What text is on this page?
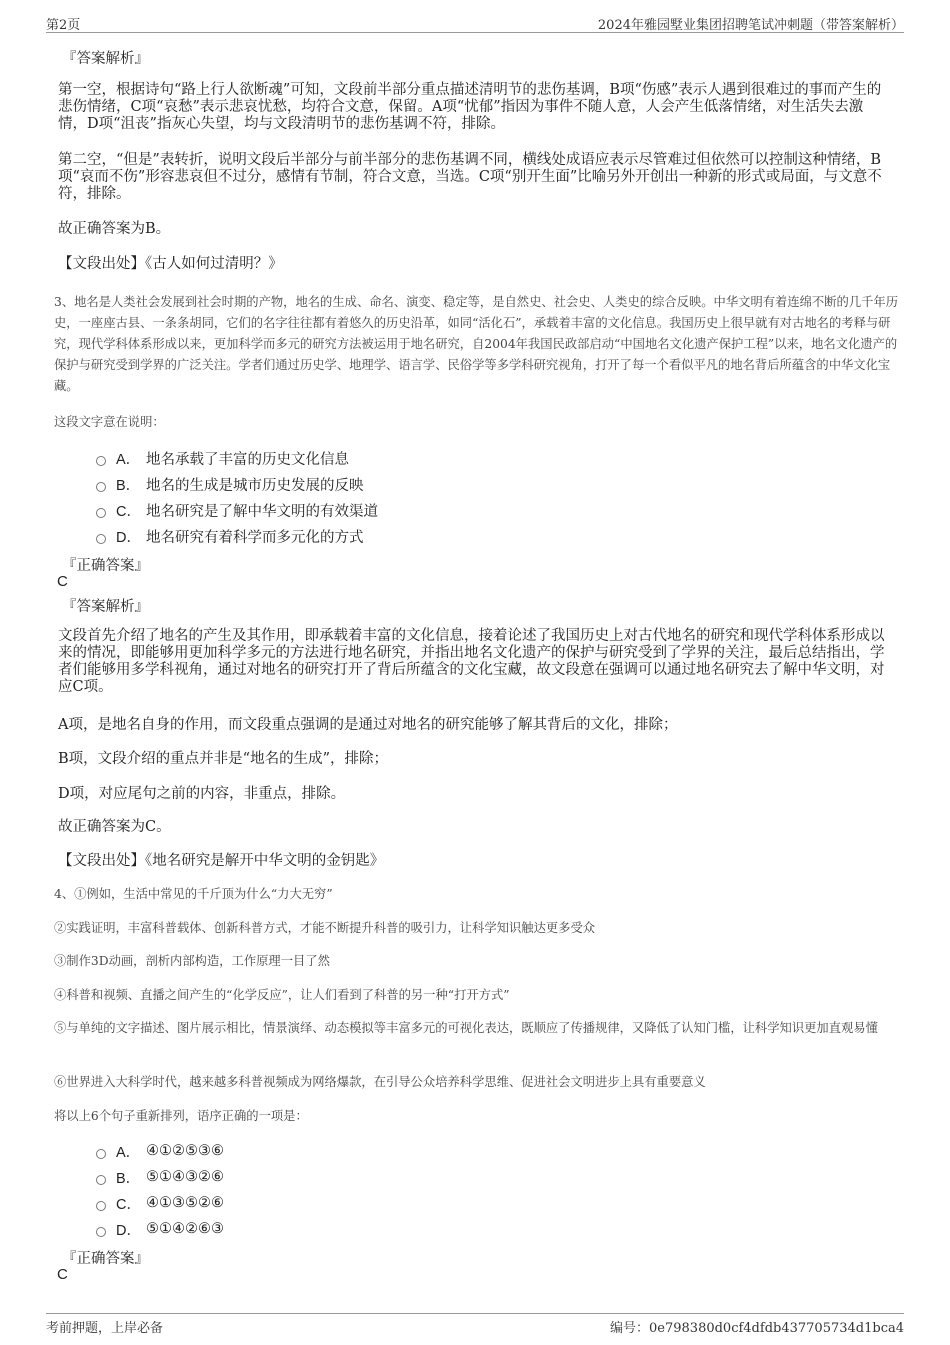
第2页	2024年雅园墅业集团招聘笔试冲刺题（带答案解析）
『答案解析』
第一空，根据诗句“路上行人欲断魂”可知，文段前半部分重点描述清明节的悲伤基调，B项“伤感”表示人遇到很难过的事而产生的悲伤情绪，C项“哀愁”表示悲哀忧愁，均符合文意，保留。A项“忧郁”指因为事件不随人意，人会产生低落情绪，对生活失去激情，D项“沮丧”指灰心失望，均与文段清明节的悲伤基调不符，排除。
第二空，“但是”表转折，说明文段后半部分与前半部分的悲伤基调不同，横线处成语应表示尽管难过但依然可以控制这种情绪，B项“哀而不伤”形容悲哀但不过分，感情有节制，符合文意，当选。C项“别开生面”比喻另外开创出一种新的形式或局面，与文意不符，排除。
故正确答案为B。
【文段出处】《古人如何过清明？》
3、地名是人类社会发展到社会时期的产物，地名的生成、命名、演变、稳定等，是自然史、社会史、人类史的综合反映。中华文明有着连绵不断的几千年历史，一座座古县、一条条胡同，它们的名字往往都有着悠久的历史沿革，如同“活化石”，承载着丰富的文化信息。我国历史上很早就有对古地名的考释与研究，现代学科体系形成以来，更加科学而多元的研究方法被运用于地名研究，自2004年我国民政部启动“中国地名文化遗产保护工程”以来，地名文化遗产的保护与研究受到学界的广泛关注。学者们通过历史学、地理学、语言学、民俗学等多学科研究视角，打开了每一个看似平凡的地名背后所蕴含的中华文化宝藏。
这段文字意在说明：
A． 地名承载了丰富的历史文化信息
B． 地名的生成是城市历史发展的反映
C． 地名研究是了解中华文明的有效渠道
D． 地名研究有着科学而多元化的方式
『正确答案』
C
『答案解析』
文段首先介绍了地名的产生及其作用，即承载着丰富的文化信息，接着论述了我国历史上对古代地名的研究和现代学科体系形成以来的情况，即能够用更加科学多元的方法进行地名研究，并指出地名文化遗产的保护与研究受到了学界的关注，最后总结指出，学者们能够用多学科视角，通过对地名的研究打开了背后所蕴含的文化宝藏，故文段意在强调可以通过地名研究去了解中华文明，对应C项。
A项，是地名自身的作用，而文段重点强调的是通过对地名的研究能够了解其背后的文化，排除；
B项，文段介绍的重点并非是“地名的生成”，排除；
D项，对应尾句之前的内容，非重点，排除。
故正确答案为C。
【文段出处】《地名研究是解开中华文明的金钥匙》
4、①例如，生活中常见的千斤顶为什么“力大无穷”
②实践证明，丰富科普载体、创新科普方式，才能不断提升科普的吸引力，让科学知识触达更多受众
③制作3D动画，剖析内部构造，工作原理一目了然
④科普和视频、直播之间产生的“化学反应”，让人们看到了科普的另一种“打开方式”
⑤与单纯的文字描述、图片展示相比，情景演绎、动态模拟等丰富多元的可视化表达，既顺应了传播规律，又降低了认知门槛，让科学知识更加直观易懂
⑥世界进入大科学时代，越来越多科普视频成为网络爆款，在引导公众培养科学思维、促进社会文明进步上具有重要意义
将以上6个句子重新排列，语序正确的一项是：
A． ④①②⑤③⑥
B． ⑤①④③②⑥
C． ④①③⑤②⑥
D． ⑤①④②⑥③
『正确答案』
C
考前押题，上岸必备	编号：0e798380d0cf4dfdb437705734d1bca4
